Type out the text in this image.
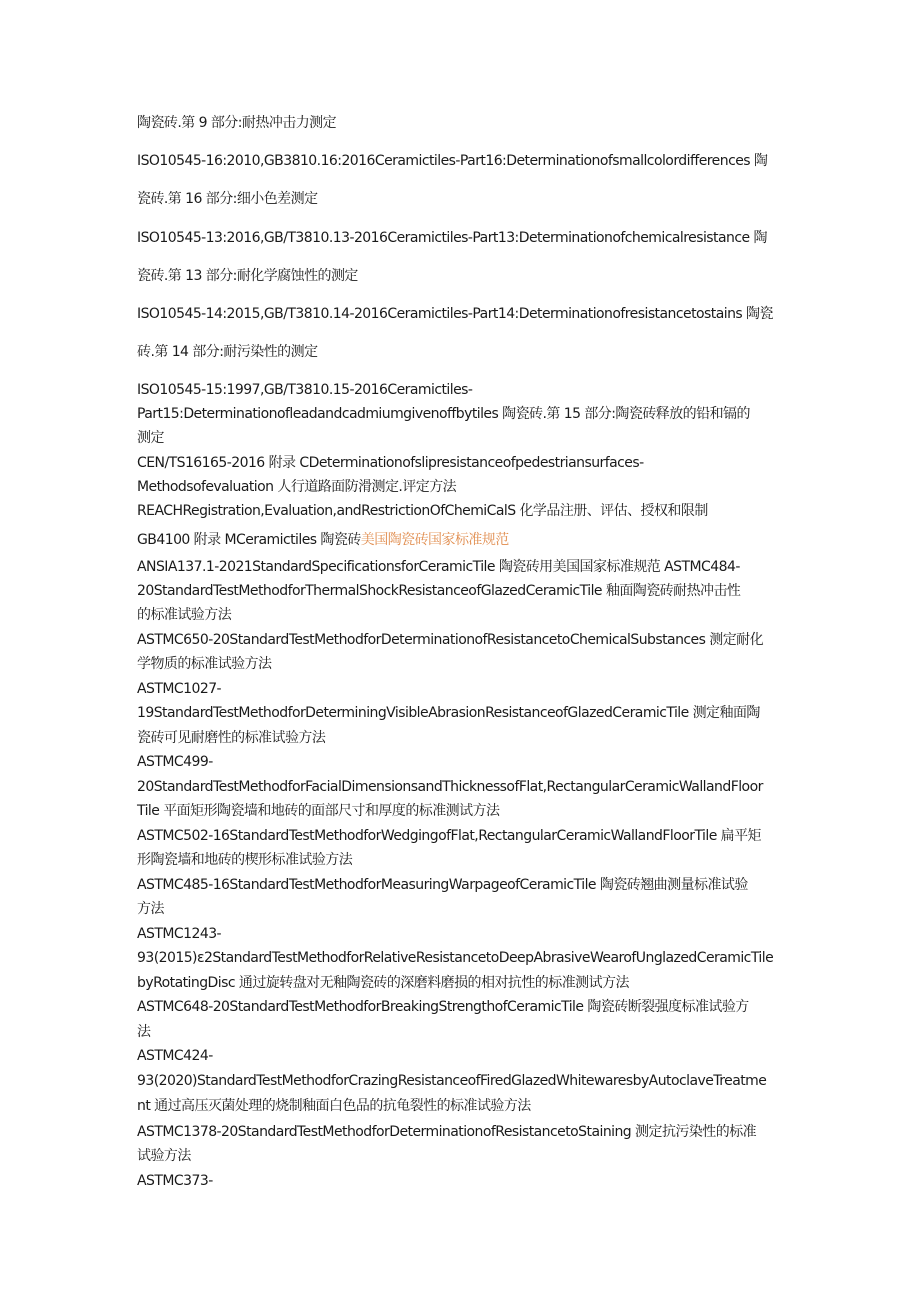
陶瓷砖.第 9 部分:耐热冲击力测定
ISO10545-16:2010,GB3810.16:2016Ceramictiles-Part16:Determinationofsmallcolordifferences 陶
瓷砖.第 16 部分:细小色差测定
ISO10545-13:2016,GB/T3810.13-2016Ceramictiles-Part13:Determinationofchemicalresistance 陶
瓷砖.第 13 部分:耐化学腐蚀性的测定
ISO10545-14:2015,GB/T3810.14-2016Ceramictiles-Part14:Determinationofresistancetostains 陶瓷
砖.第 14 部分:耐污染性的测定
ISO10545-15:1997,GB/T3810.15-2016Ceramictiles-
Part15:Determinationofleadandcadmiumgivenoffbytiles 陶瓷砖.第 15 部分:陶瓷砖释放的铅和镉的
测定
CEN/TS16165-2016 附录 CDeterminationofslipresistanceofpedestriansurfaces-
Methodsofevaluation 人行道路面防滑测定.评定方法
REACHRegistration,Evaluation,andRestrictionOfChemiCalS 化学品注册、评估、授权和限制
GB4100 附录 MCeramictiles 陶瓷砖美国陶瓷砖国家标准规范
ANSIA137.1-2021StandardSpecificationsforCeramicTile 陶瓷砖用美国国家标准规范 ASTMC484-
20StandardTestMethodforThermalShockResistanceofGlazedCeramicTile 釉面陶瓷砖耐热冲击性
的标准试验方法
ASTMC650-20StandardTestMethodforDeterminationofResistancetoChemicalSubstances 测定耐化
学物质的标准试验方法
ASTMC1027-
19StandardTestMethodforDeterminingVisibleAbrasionResistanceofGlazedCeramicTile 测定釉面陶
瓷砖可见耐磨性的标准试验方法
ASTMC499-
20StandardTestMethodforFacialDimensionsandThicknessofFlat,RectangularCeramicWallandFloor
Tile 平面矩形陶瓷墙和地砖的面部尺寸和厚度的标准测试方法
ASTMC502-16StandardTestMethodforWedgingofFlat,RectangularCeramicWallandFloorTile 扁平矩
形陶瓷墙和地砖的楔形标准试验方法
ASTMC485-16StandardTestMethodforMeasuringWarpageofCeramicTile 陶瓷砖翘曲测量标准试验
方法
ASTMC1243-
93(2015)ε2StandardTestMethodforRelativeResistancetoDeepAbrasiveWearofUnglazedCeramicTile
byRotatingDisc 通过旋转盘对无釉陶瓷砖的深磨料磨损的相对抗性的标准测试方法
ASTMC648-20StandardTestMethodforBreakingStrengthofCeramicTile 陶瓷砖断裂强度标准试验方
法
ASTMC424-
93(2020)StandardTestMethodforCrazingResistanceofFiredGlazedWhitewaresbyAutoclaveTreatme
nt 通过高压灭菌处理的烧制釉面白色品的抗龟裂性的标准试验方法
ASTMC1378-20StandardTestMethodforDeterminationofResistancetoStaining 测定抗污染性的标准
试验方法
ASTMC373-
